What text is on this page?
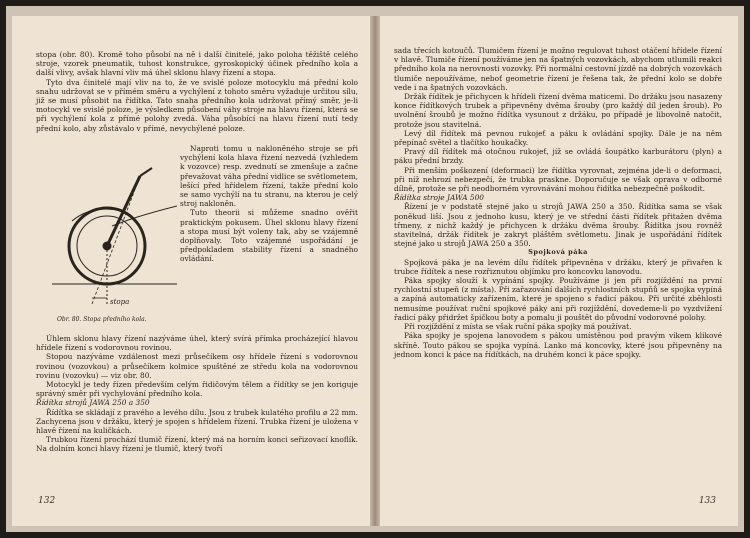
stopa (obr. 80). Kromě toho působí na ně i další činitelé, jako poloha těžiště celého stroje, vzorek pneumatik, tuhost konstrukce, gyroskopický účinek předního kola a další vlivy, avšak hlavní vliv má úhel sklonu hlavy řízení a stopa.

Tyto dva činitelé mají vliv na to, že ve svislé poloze motocyklu má přední kolo snahu udržovat se v přímém směru a vychýlení z tohoto směru vyžaduje určitou sílu, již se musí působit na řídítka. Tato snaha předního kola udržovat přímý směr, je-li motocykl ve svislé poloze, je výsledkem působení váhy stroje na hlavu řízení, která se při vychýlení kola z přímé polohy zvedá. Váha působící na hlavu řízení nutí tedy přední kolo, aby zůstávalo v přímé, nevychýlené poloze.

stopa
Obr. 80. Stopa předního kola.

Naproti tomu u nakloněného stroje se při vychýlení kola hlava řízení nezvedá (vzhledem k vozovce) resp. zvednutí se zmenšuje a začne převažovat váha přední vidlice se světlometem, lešící před hřídelem řízení, takže přední kolo se samo vychýlí na tu stranu, na kterou je celý stroj nakloněn.

Tuto theorii si můžeme snadno ověřit praktickým pokusem. Úhel sklonu hlavy řízení a stopa musí být voleny tak, aby se vzájemně doplňovaly. Toto vzájemné uspořádání je předpokladem stability řízení a snadného ovládání.

Úhlem sklonu hlavy řízení nazýváme úhel, který svírá přímka procházející hlavou hřídele řízení s vodorovnou rovinou.

Stopou nazýváme vzdálenost mezi průsečíkem osy hřídele řízení s vodorovnou rovinou (vozovkou) a průsečíkem kolmice spuštěné ze středu kola na vodorovnou rovinu (vozovku) — viz obr. 80.

Motocykl je tedy řízen především celým řidičovým tělem a řídítky se jen koriguje správný směr při vychylování předního kola.

Řídítka strojů JAWA 250 a 350

Řídítka se skládají z pravého a levého dílu. Jsou z trubek kulatého profilu ⌀ 22 mm. Zachycena jsou v držáku, který je spojen s hřídelem řízení. Trubka řízení je uložena v hlavě řízení na kuličkách.

Trubkou řízení prochází tlumič řízení, který má na horním konci seřizovací knoflík. Na dolním konci hlavy řízení je tlumič, který tvoří

132

sada třecích kotoučů. Tlumičem řízení je možno regulovat tuhost otáčení hřídele řízení v hlavě. Tlumiče řízení používáme jen na špatných vozovkách, abychom utlumili reakci předního kola na nerovnosti vozovky. Při normální cestovní jízdě na dobrých vozovkách tlumiče nepoužíváme, neboť geometrie řízení je řešena tak, že přední kolo se dobře vede i na špatných vozovkách.

Držák řídítek je přichycen k hřídeli řízení dvěma maticemi. Do držáku jsou nasazeny konce řídítkových trubek a připevněny dvěma šrouby (pro každý díl jeden šroub). Po uvolnění šroubů je možno řídítka vysunout z držáku, po případě je libovolně natočit, protože jsou stavitelná.

Levý díl řídítek má pevnou rukojeť a páku k ovládání spojky. Dále je na něm přepínač světel a tlačítko houkačky.

Pravý díl řídítek má otočnou rukojeť, jíž se ovládá šoupátko karburátoru (plyn) a páku přední brzdy.

Při menším poškození (deformaci) lze řídítka vyrovnat, zejména jde-li o deformaci, při níž nehrozí nebezpečí, že trubka praskne. Doporučuje se však oprava v odborné dílně, protože se při neodborném vyrovnávání mohou řídítka nebezpečně poškodit.

Řídítka stroje JAWA 500

Řízení je v podstatě stejné jako u strojů JAWA 250 a 350. Řídítka sama se však poněkud liší. Jsou z jednoho kusu, který je ve střední části řídítek přitažen dvěma třmeny, z nichž každý je přichycen k držáku dvěma šrouby. Řídítka jsou rovněž stavitelná, držák řídítek je zakryt pláštěm světlometu. Jinak je uspořádání řídítek stejné jako u strojů JAWA 250 a 350.

Spojková páka

Spojková páka je na levém dílu řídítek připevněna v držáku, který je přivařen k trubce řídítek a nese rozřiznutou objímku pro koncovku lanovodu.

Páka spojky slouží k vypínání spojky. Používáme ji jen při rozjíždění na první rychlostní stupeň (z místa). Při zařazování dalších rychlostních stupňů se spojka vypíná a zapíná automaticky zařízením, které je spojeno s řadicí pákou. Při určité zběhlosti nemusíme používat ruční spojkové páky ani při rozjíždění, dovedeme-li po vyzdvižení řadicí páky přidržet špičkou boty a pomalu ji pouštět do původní vodorovné polohy.

Při rozjíždění z místa se však ruční páka spojky má používat.

Páka spojky je spojena lanovodem s pákou umístěnou pod pravým víkem klikové skříně. Touto pákou se spojka vypíná. Lanko má koncovky, které jsou připevněny na jednom konci k páce na řídítkách, na druhém konci k páce spojky.

133
